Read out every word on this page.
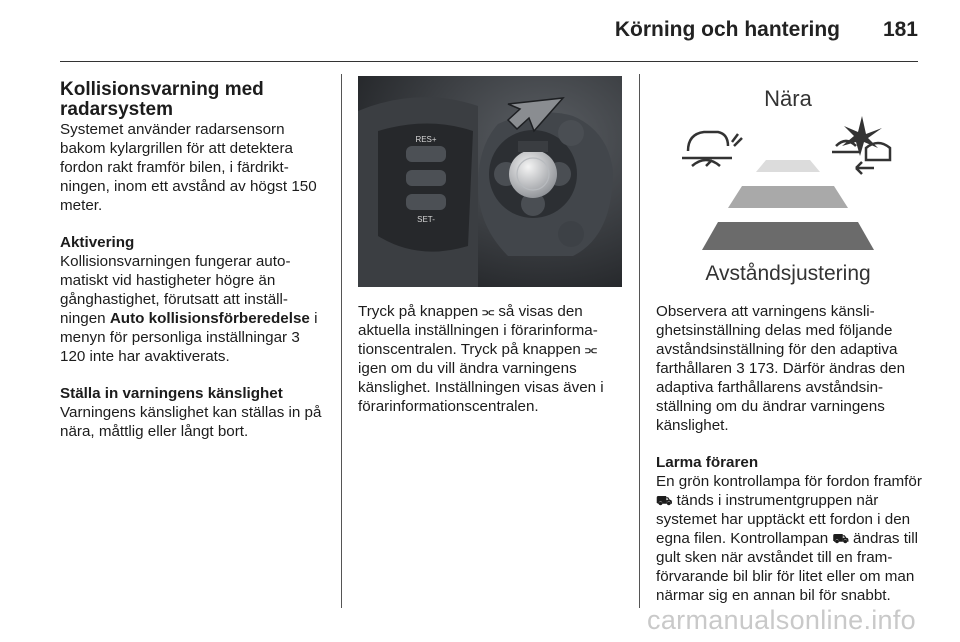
Körning och hantering 181

Kollisionsvarning med radarsystem

Systemet använder radarsensorn bakom kylargrillen för att detektera fordon rakt framför bilen, i färdriktningen, inom ett avstånd av högst 150 meter.

Aktivering

Kollisionsvarningen fungerar automatiskt vid hastigheter högre än gånghastighet, förutsatt att inställningen Auto kollisionsförberedelse i menyn för personliga inställningar 3 120 inte har avaktiverats.

Ställa in varningens känslighet

Varningens känslighet kan ställas in på nära, måttlig eller långt bort.

RES+
SET-

Tryck på knappen ⫗ så visas den aktuella inställningen i förarinformationscentralen. Tryck på knappen ⫗ igen om du vill ändra varningens känslighet. Inställningen visas även i förarinformationscentralen.

Nära
Avståndsjustering

Observera att varningens känslighetsinställning delas med följande avståndsinställning för den adaptiva farthållaren 3 173. Därför ändras den adaptiva farthållarens avståndsinställning om du ändrar varningens känslighet.

Larma föraren

En grön kontrollampa för fordon framför ⛟ tänds i instrumentgruppen när systemet har upptäckt ett fordon i den egna filen. Kontrollampan ⛟ ändras till gult sken när avståndet till en framförvarande bil blir för litet eller om man närmar sig en annan bil för snabbt.

carmanualsonline.info
